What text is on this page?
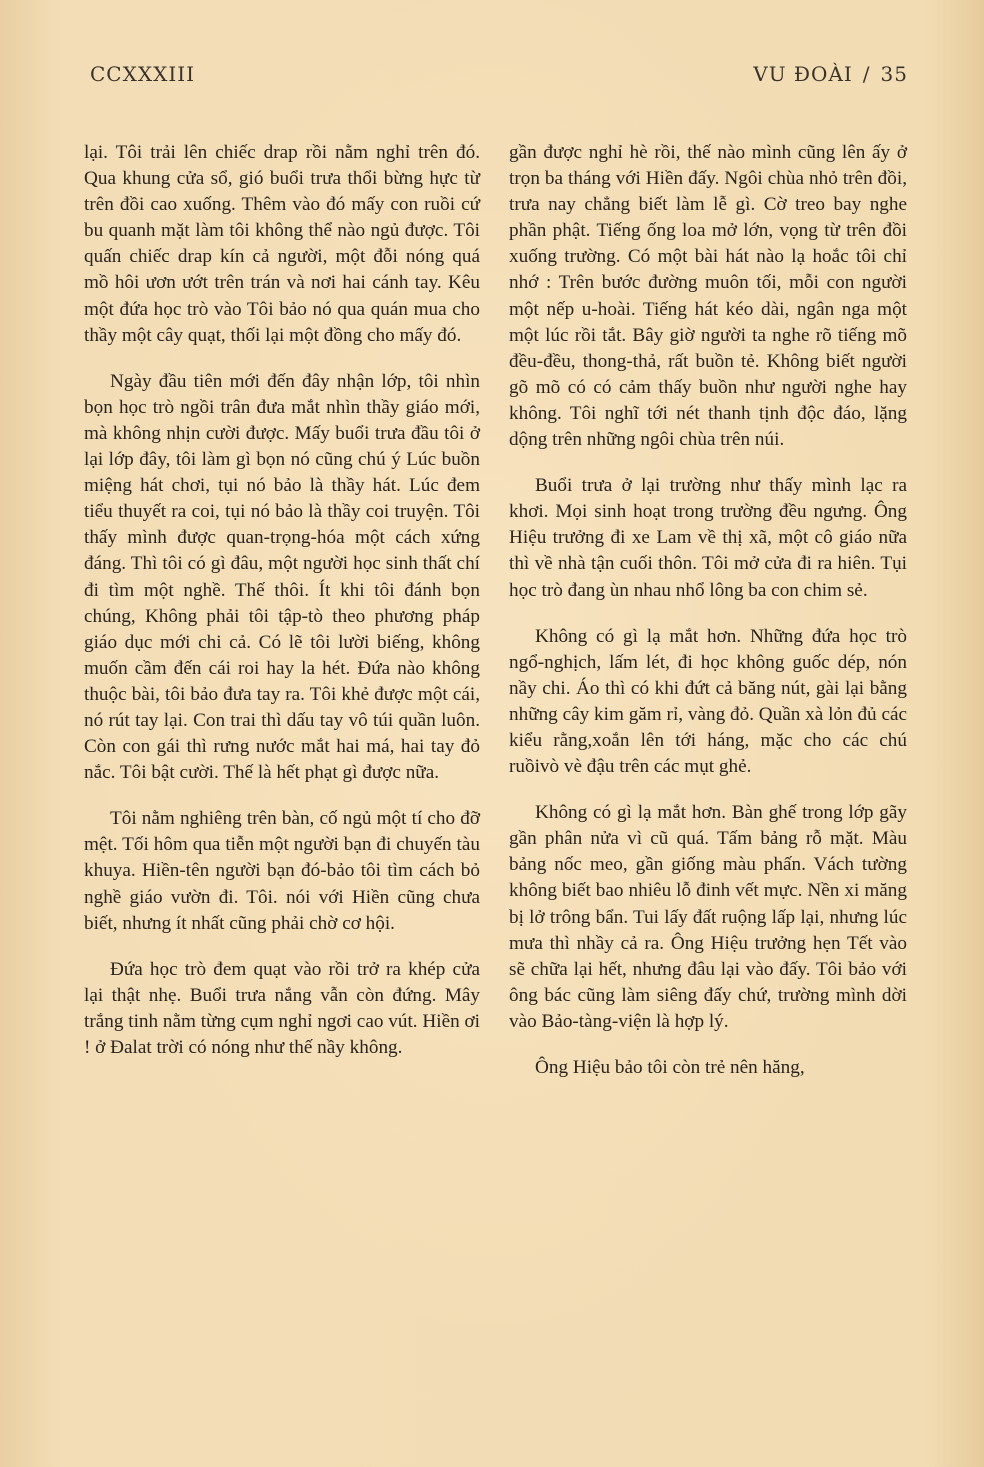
CCXXXIII	VU ĐOÀI / 35

lại. Tôi trải lên chiếc drap rồi nằm nghỉ trên đó. Qua khung cửa sổ, gió buổi trưa thổi bừng hực từ trên đồi cao xuống. Thêm vào đó mấy con ruồi cứ bu quanh mặt làm tôi không thể nào ngủ được. Tôi quấn chiếc drap kín cả người, một đỗi nóng quá mồ hôi ươn ướt trên trán và nơi hai cánh tay. Kêu một đứa học trò vào Tôi bảo nó qua quán mua cho thầy một cây quạt, thối lại một đồng cho mấy đó.

Ngày đầu tiên mới đến đây nhận lớp, tôi nhìn bọn học trò ngồi trân đưa mắt nhìn thầy giáo mới, mà không nhịn cười được. Mấy buổi trưa đầu tôi ở lại lớp đây, tôi làm gì bọn nó cũng chú ý Lúc buồn miệng hát chơi, tụi nó bảo là thầy hát. Lúc đem tiểu thuyết ra coi, tụi nó bảo là thầy coi truyện. Tôi thấy mình được quan-trọng-hóa một cách xứng đáng. Thì tôi có gì đâu, một người học sinh thất chí đi tìm một nghề. Thế thôi. Ít khi tôi đánh bọn chúng, Không phải tôi tập-tò theo phương pháp giáo dục mới chi cả. Có lẽ tôi lười biếng, không muốn cầm đến cái roi hay la hét. Đứa nào không thuộc bài, tôi bảo đưa tay ra. Tôi khẻ được một cái, nó rút tay lại. Con trai thì dấu tay vô túi quần luôn. Còn con gái thì rưng nước mắt hai má, hai tay đỏ nắc. Tôi bật cười. Thế là hết phạt gì được nữa.

Tôi nằm nghiêng trên bàn, cố ngủ một tí cho đỡ mệt. Tối hôm qua tiễn một người bạn đi chuyến tàu khuya. Hiền-tên người bạn đó-bảo tôi tìm cách bỏ nghề giáo vườn đi. Tôi. nói với Hiền cũng chưa biết, nhưng ít nhất cũng phải chờ cơ hội.

Đứa học trò đem quạt vào rồi trở ra khép cửa lại thật nhẹ. Buổi trưa nắng vẫn còn đứng. Mây trắng tinh nằm từng cụm nghỉ ngơi cao vút. Hiền ơi ! ở Đalat trời có nóng như thế nầy không.

gần được nghỉ hè rồi, thế nào mình cũng lên ấy ở trọn ba tháng với Hiền đấy. Ngôi chùa nhỏ trên đồi, trưa nay chẳng biết làm lễ gì. Cờ treo bay nghe phần phật. Tiếng ống loa mở lớn, vọng từ trên đồi xuống trường. Có một bài hát nào lạ hoắc tôi chỉ nhớ : Trên bước đường muôn tối, mỗi con người một nếp u-hoài. Tiếng hát kéo dài, ngân nga một một lúc rồi tắt. Bây giờ người ta nghe rõ tiếng mõ đều-đều, thong-thả, rất buồn tẻ. Không biết người gõ mõ có có cảm thấy buồn như người nghe hay không. Tôi nghĩ tới nét thanh tịnh độc đáo, lặng dộng trên những ngôi chùa trên núi.

Buổi trưa ở lại trường như thấy mình lạc ra khơi. Mọi sinh hoạt trong trường đều ngưng. Ông Hiệu trưởng đi xe Lam về thị xã, một cô giáo nữa thì về nhà tận cuối thôn. Tôi mở cửa đi ra hiên. Tụi học trò đang ùn nhau nhổ lông ba con chim sẻ.

Không có gì lạ mắt hơn. Những đứa học trò ngổ-nghịch, lấm lét, đi học không guốc dép, nón nầy chi. Áo thì có khi đứt cả băng nút, gài lại bằng những cây kim găm rỉ, vàng đỏ. Quần xà lỏn đủ các kiểu rằng,xoắn lên tới háng, mặc cho các chú ruồivò vè đậu trên các mụt ghẻ.

Không có gì lạ mắt hơn. Bàn ghế trong lớp gãy gần phân nửa vì cũ quá. Tấm bảng rỗ mặt. Màu bảng nốc meo, gần giống màu phấn. Vách tường không biết bao nhiêu lỗ đinh vết mực. Nền xi măng bị lở trông bẩn. Tui lấy đất ruộng lấp lại, nhưng lúc mưa thì nhầy cả ra. Ông Hiệu trưởng hẹn Tết vào sẽ chữa lại hết, nhưng đâu lại vào đấy. Tôi bảo với ông bác cũng làm siêng đấy chứ, trường mình dời vào Bảo-tàng-viện là hợp lý.

Ông Hiệu bảo tôi còn trẻ nên hăng,
